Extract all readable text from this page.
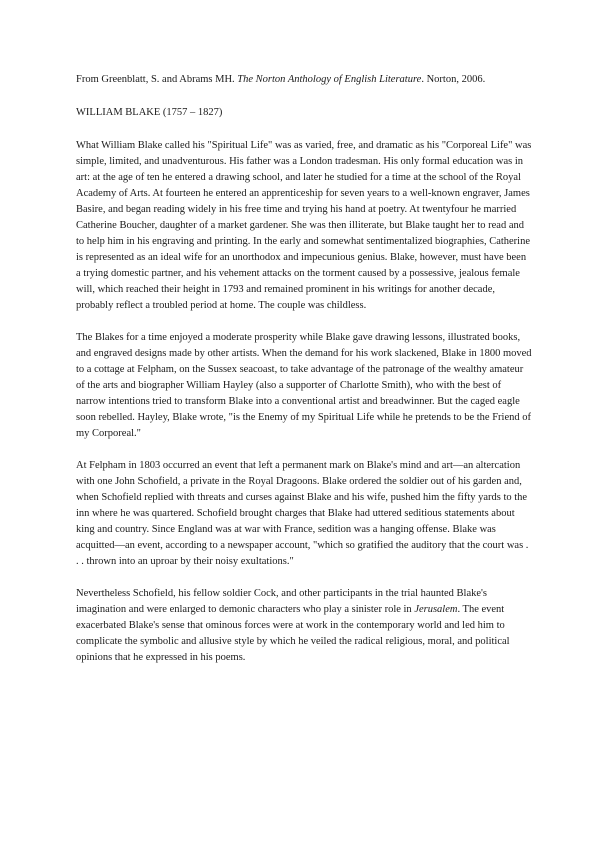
From Greenblatt, S. and Abrams MH. The Norton Anthology of English Literature. Norton, 2006.

WILLIAM BLAKE (1757 – 1827)

What William Blake called his "Spiritual Life" was as varied, free, and dramatic as his "Corporeal Life" was simple, limited, and unadventurous. His father was a London tradesman. His only formal education was in art: at the age of ten he entered a drawing school, and later he studied for a time at the school of the Royal Academy of Arts. At fourteen he entered an apprenticeship for seven years to a well-known engraver, James Basire, and began reading widely in his free time and trying his hand at poetry. At twentyfour he married Catherine Boucher, daughter of a market gardener. She was then illiterate, but Blake taught her to read and to help him in his engraving and printing. In the early and somewhat sentimentalized biographies, Catherine is represented as an ideal wife for an unorthodox and impecunious genius. Blake, however, must have been a trying domestic partner, and his vehement attacks on the torment caused by a possessive, jealous female will, which reached their height in 1793 and remained prominent in his writings for another decade, probably reflect a troubled period at home. The couple was childless.

The Blakes for a time enjoyed a moderate prosperity while Blake gave drawing lessons, illustrated books, and engraved designs made by other artists. When the demand for his work slackened, Blake in 1800 moved to a cottage at Felpham, on the Sussex seacoast, to take advantage of the patronage of the wealthy amateur of the arts and biographer William Hayley (also a supporter of Charlotte Smith), who with the best of narrow intentions tried to transform Blake into a conventional artist and breadwinner. But the caged eagle soon rebelled. Hayley, Blake wrote, "is the Enemy of my Spiritual Life while he pretends to be the Friend of my Corporeal."

At Felpham in 1803 occurred an event that left a permanent mark on Blake's mind and art—an altercation with one John Schofield, a private in the Royal Dragoons. Blake ordered the soldier out of his garden and, when Schofield replied with threats and curses against Blake and his wife, pushed him the fifty yards to the inn where he was quartered. Schofield brought charges that Blake had uttered seditious statements about king and country. Since England was at war with France, sedition was a hanging offense. Blake was acquitted—an event, according to a newspaper account, "which so gratified the auditory that the court was . . . thrown into an uproar by their noisy exultations."

Nevertheless Schofield, his fellow soldier Cock, and other participants in the trial haunted Blake's imagination and were enlarged to demonic characters who play a sinister role in Jerusalem. The event exacerbated Blake's sense that ominous forces were at work in the contemporary world and led him to complicate the symbolic and allusive style by which he veiled the radical religious, moral, and political opinions that he expressed in his poems.
